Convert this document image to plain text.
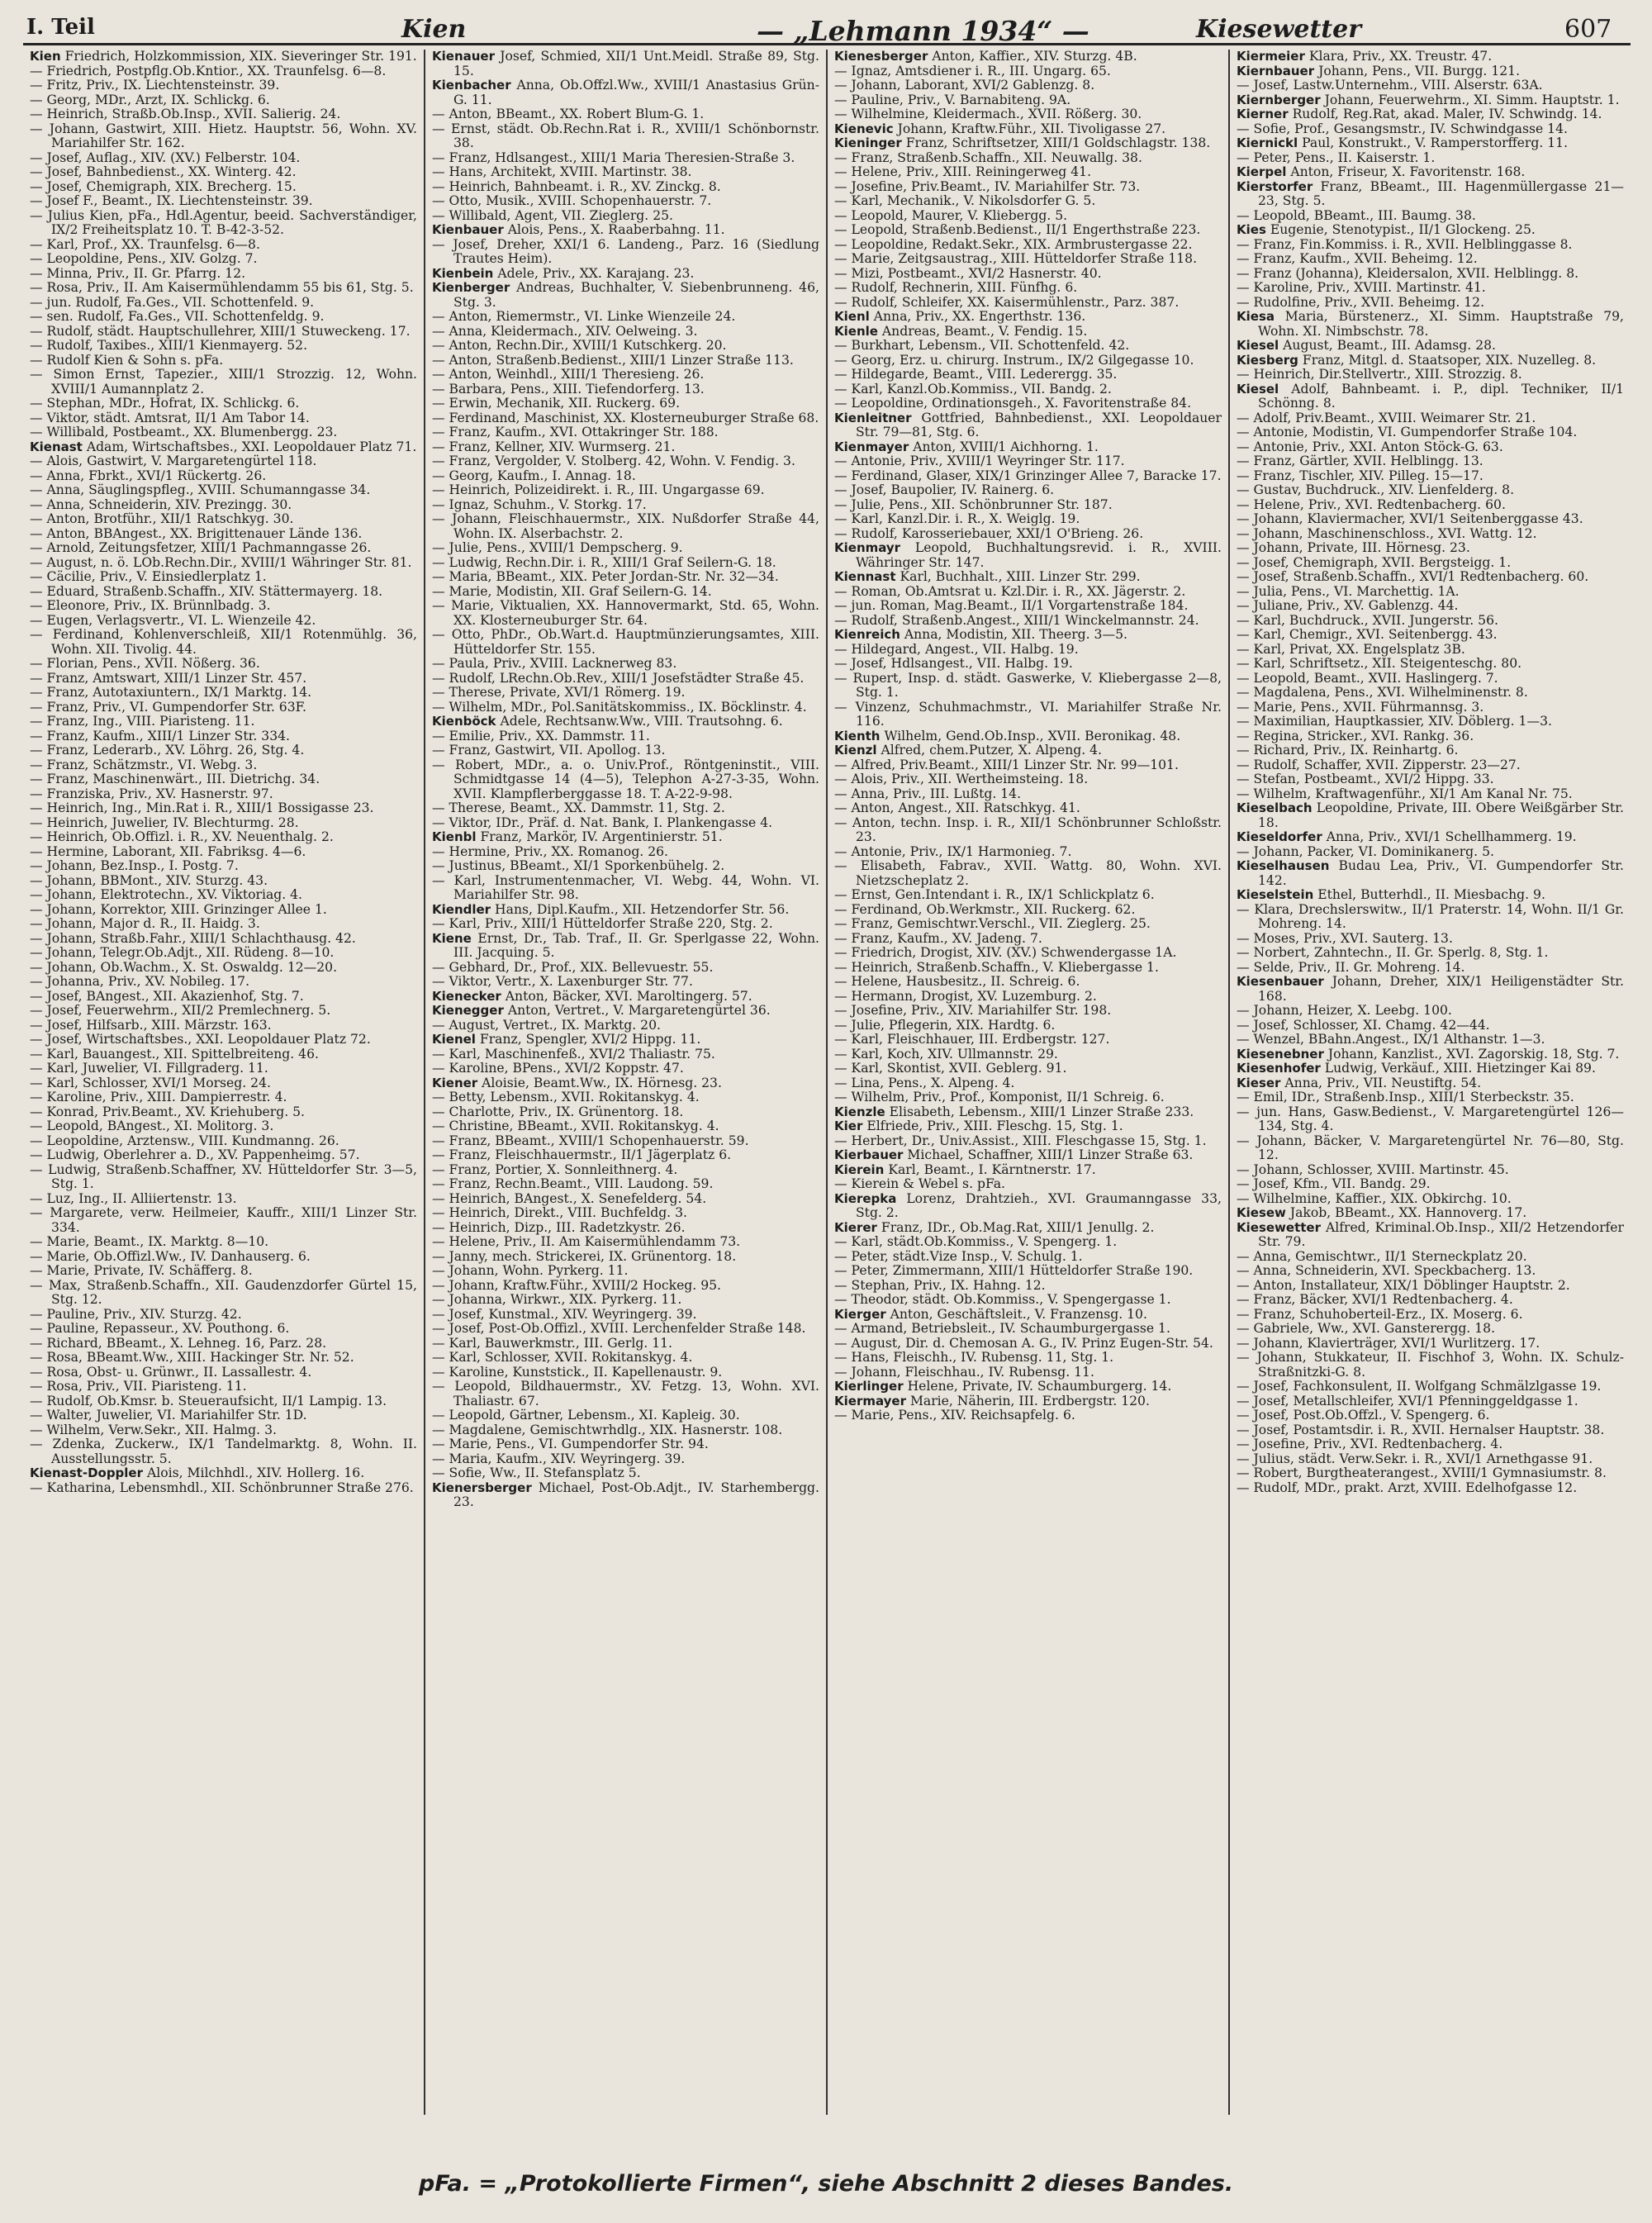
I. Teil	Kien	— „Lehmann 1934“ —	Kiesewetter	607
Kien Friedrich, Holzkommission, XIX. Sieveringer Str. 191.
— Friedrich, Postpflg.Ob.Kntior., XX. Traunfelsg. 6—8.
— Fritz, Priv., IX. Liechtensteinstr. 39.
— Georg, MDr., Arzt, IX. Schlickg. 6.
— Heinrich, Straßb.Ob.Insp., XVII. Salierig. 24.
— Johann, Gastwirt, XIII. Hietz. Hauptstr. 56, Wohn. XV. Mariahilfer Str. 162.
— Josef, Auflag., XIV. (XV.) Felberstr. 104.
— Josef, Bahnbedienst., XX. Winterg. 42.
— Josef, Chemigraph, XIX. Brecherg. 15.
— Josef F., Beamt., IX. Liechtensteinstr. 39.
— Julius Kien, pFa., Hdl.Agentur, beeid. Sachverständiger, IX/2 Freiheitsplatz 10. T. B-42-3-52.
— Karl, Prof., XX. Traunfelsg. 6—8.
— Leopoldine, Pens., XIV. Golzg. 7.
— Minna, Priv., II. Gr. Pfarrg. 12.
— Rosa, Priv., II. Am Kaisermühlendamm 55 bis 61, Stg. 5.
— jun. Rudolf, Fa.Ges., VII. Schottenfeld. 9.
— sen. Rudolf, Fa.Ges., VII. Schottenfeldg. 9.
— Rudolf, städt. Hauptschullehrer, XIII/1 Stuweckeng. 17.
— Rudolf, Taxibes., XIII/1 Kienmayerg. 52.
— Rudolf Kien & Sohn s. pFa.
— Simon Ernst, Tapezier., XIII/1 Strozzig. 12, Wohn. XVIII/1 Aumannplatz 2.
— Stephan, MDr., Hofrat, IX. Schlickg. 6.
— Viktor, städt. Amtsrat, II/1 Am Tabor 14.
— Willibald, Postbeamt., XX. Blumenbergg. 23.
Kienast Adam, Wirtschaftsbes., XXI. Leopoldauer Platz 71.
— Alois, Gastwirt, V. Margaretengürtel 118.
— Anna, Fbrkt., XVI/1 Rückertg. 26.
— Anna, Säuglingspfleg., XVIII. Schumanngasse 34.
— Anna, Schneiderin, XIV. Prezingg. 30.
— Anton, Brotführ., XII/1 Ratschkyg. 30.
— Anton, BBAngest., XX. Brigittenauer Lände 136.
— Arnold, Zeitungsfetzer, XIII/1 Pachmanngasse 26.
— August, n. ö. LOb.Rechn.Dir., XVIII/1 Währinger Str. 81.
— Cäcilie, Priv., V. Einsiedlerplatz 1.
— Eduard, Straßenb.Schaffn., XIV. Stättermayerg. 18.
— Eleonore, Priv., IX. Brünnlbadg. 3.
— Eugen, Verlagsvertr., VI. L. Wienzeile 42.
— Ferdinand, Kohlenverschleiß, XII/1 Rotenmühlg. 36, Wohn. XII. Tivolig. 44.
— Florian, Pens., XVII. Nößerg. 36.
— Franz, Amtswart, XIII/1 Linzer Str. 457.
— Franz, Autotaxiuntern., IX/1 Marktg. 14.
— Franz, Priv., VI. Gumpendorfer Str. 63F.
— Franz, Ing., VIII. Piaristeng. 11.
— Franz, Kaufm., XIII/1 Linzer Str. 334.
— Franz, Lederarb., XV. Löhrg. 26, Stg. 4.
— Franz, Schätzmstr., VI. Webg. 3.
— Franz, Maschinenwärt., III. Dietrichg. 34.
— Franziska, Priv., XV. Hasnerstr. 97.
— Heinrich, Ing., Min.Rat i. R., XIII/1 Bossigasse 23.
— Heinrich, Juwelier, IV. Blechturmg. 28.
— Heinrich, Ob.Offizl. i. R., XV. Neuenthalg. 2.
— Hermine, Laborant, XII. Fabriksg. 4—6.
— Johann, Bez.Insp., I. Postg. 7.
— Johann, BBMont., XIV. Sturzg. 43.
— Johann, Elektrotechn., XV. Viktoriag. 4.
— Johann, Korrektor, XIII. Grinzinger Allee 1.
— Johann, Major d. R., II. Haidg. 3.
— Johann, Straßb.Fahr., XIII/1 Schlachthausg. 42.
— Johann, Telegr.Ob.Adjt., XII. Rüdeng. 8—10.
— Johann, Ob.Wachm., X. St. Oswaldg. 12—20.
— Johanna, Priv., XV. Nobileg. 17.
— Josef, BAngest., XII. Akazienhof, Stg. 7.
— Josef, Feuerwehrm., XII/2 Premlechnerg. 5.
— Josef, Hilfsarb., XIII. Märzstr. 163.
— Josef, Wirtschaftsbes., XXI. Leopoldauer Platz 72.
— Karl, Bauangest., XII. Spittelbreiteng. 46.
— Karl, Juwelier, VI. Fillgraderg. 11.
— Karl, Schlosser, XVI/1 Morseg. 24.
— Karoline, Priv., XIII. Dampierrestr. 4.
— Konrad, Priv.Beamt., XV. Kriehuberg. 5.
— Leopold, BAngest., XI. Molitorg. 3.
— Leopoldine, Arztensw., VIII. Kundmanng. 26.
— Ludwig, Oberlehrer a. D., XV. Pappenheimg. 57.
— Ludwig, Straßenb.Schaffner, XV. Hütteldorfer Str. 3—5, Stg. 1.
— Luz, Ing., II. Alliiertenstr. 13.
— Margarete, verw. Heilmeier, Kauffr., XIII/1 Linzer Str. 334.
— Marie, Beamt., IX. Marktg. 8—10.
— Marie, Ob.Offizl.Ww., IV. Danhauserg. 6.
— Marie, Private, IV. Schäfferg. 8.
— Max, Straßenb.Schaffn., XII. Gaudenzdorfer Gürtel 15, Stg. 12.
— Pauline, Priv., XIV. Sturzg. 42.
— Pauline, Repasseur., XV. Pouthong. 6.
— Richard, BBeamt., X. Lehneg. 16, Parz. 28.
— Rosa, BBeamt.Ww., XIII. Hackinger Str. Nr. 52.
— Rosa, Obst- u. Grünwr., II. Lassallestr. 4.
— Rosa, Priv., VII. Piaristeng. 11.
— Rudolf, Ob.Kmsr. b. Steueraufsicht, II/1 Lampig. 13.
— Walter, Juwelier, VI. Mariahilfer Str. 1D.
— Wilhelm, Verw.Sekr., XII. Halmg. 3.
— Zdenka, Zuckerw., IX/1 Tandelmarktg. 8, Wohn. II. Ausstellungsstr. 5.
Kienast-Doppler Alois, Milchhdl., XIV. Hollerg. 16.
— Katharina, Lebensmhdl., XII. Schönbrunner Straße 276.
Kienauer Josef, Schmied, XII/1 Unt.Meidl. Straße 89, Stg. 15.
Kienbacher Anna, Ob.Offzl.Ww., XVIII/1 Anastasius Grün-G. 11.
— Anton, BBeamt., XX. Robert Blum-G. 1.
— Ernst, städt. Ob.Rechn.Rat i. R., XVIII/1 Schönbornstr. 38.
— Franz, Hdlsangest., XIII/1 Maria Theresien-Straße 3.
— Hans, Architekt, XVIII. Martinstr. 38.
— Heinrich, Bahnbeamt. i. R., XV. Zinckg. 8.
— Otto, Musik., XVIII. Schopenhauerstr. 7.
— Willibald, Agent, VII. Zieglerg. 25.
Kienbauer Alois, Pens., X. Raaberbahng. 11.
— Josef, Dreher, XXI/1 6. Landeng., Parz. 16 (Siedlung Trautes Heim).
Kienbein Adele, Priv., XX. Karajang. 23.
Kienberger Andreas, Buchhalter, V. Siebenbrunneng. 46, Stg. 3.
— Anton, Riemermstr., VI. Linke Wienzeile 24.
— Anna, Kleidermach., XIV. Oelweing. 3.
— Anton, Rechn.Dir., XVIII/1 Kutschkerg. 20.
— Anton, Straßenb.Bedienst., XIII/1 Linzer Straße 113.
— Anton, Weinhdl., XIII/1 Theresieng. 26.
— Barbara, Pens., XIII. Tiefendorferg. 13.
— Erwin, Mechanik, XII. Ruckerg. 69.
— Ferdinand, Maschinist, XX. Klosterneuburger Straße 68.
— Franz, Kaufm., XVI. Ottakringer Str. 188.
— Franz, Kellner, XIV. Wurmserg. 21.
— Franz, Vergolder, V. Stolberg. 42, Wohn. V. Fendig. 3.
— Georg, Kaufm., I. Annag. 18.
— Heinrich, Polizeidirekt. i. R., III. Ungargasse 69.
— Ignaz, Schuhm., V. Storkg. 17.
— Johann, Fleischhauermstr., XIX. Nußdorfer Straße 44, Wohn. IX. Alserbachstr. 2.
— Julie, Pens., XVIII/1 Dempscherg. 9.
— Ludwig, Rechn.Dir. i. R., XIII/1 Graf Seilern-G. 18.
— Maria, BBeamt., XIX. Peter Jordan-Str. Nr. 32—34.
— Marie, Modistin, XII. Graf Seilern-G. 14.
— Marie, Viktualien, XX. Hannovermarkt, Std. 65, Wohn. XX. Klosterneuburger Str. 64.
— Otto, PhDr., Ob.Wart.d. Hauptmünzierungsamtes, XIII. Hütteldorfer Str. 155.
— Paula, Priv., XVIII. Lacknerweg 83.
— Rudolf, LRechn.Ob.Rev., XIII/1 Josefstädter Straße 45.
— Therese, Private, XVI/1 Römerg. 19.
— Wilhelm, MDr., Pol.Sanitätskommiss., IX. Böcklinstr. 4.
Kienböck Adele, Rechtsanw.Ww., VIII. Trautsohng. 6.
— Emilie, Priv., XX. Dammstr. 11.
— Franz, Gastwirt, VII. Apollog. 13.
— Robert, MDr., a. o. Univ.Prof., Röntgeninstit., VIII. Schmidtgasse 14 (4—5), Telephon A-27-3-35, Wohn. XVII. Klampflerberggasse 18. T. A-22-9-98.
— Therese, Beamt., XX. Dammstr. 11, Stg. 2.
— Viktor, IDr., Präf. d. Nat. Bank, I. Plankengasse 4.
Kienbl Franz, Markör, IV. Argentinierstr. 51.
— Hermine, Priv., XX. Romanog. 26.
— Justinus, BBeamt., XI/1 Sporkenbühelg. 2.
— Karl, Instrumentenmacher, VI. Webg. 44, Wohn. VI. Mariahilfer Str. 98.
Kiendler Hans, Dipl.Kaufm., XII. Hetzendorfer Str. 56.
— Karl, Priv., XIII/1 Hütteldorfer Straße 220, Stg. 2.
Kiene Ernst, Dr., Tab. Traf., II. Gr. Sperlgasse 22, Wohn. III. Jacquing. 5.
— Gebhard, Dr., Prof., XIX. Bellevuestr. 55.
— Viktor, Vertr., X. Laxenburger Str. 77.
Kienecker Anton, Bäcker, XVI. Maroltingerg. 57.
Kienegger Anton, Vertret., V. Margaretengürtel 36.
— August, Vertret., IX. Marktg. 20.
Kienel Franz, Spengler, XVI/2 Hippg. 11.
— Karl, Maschinenfeß., XVI/2 Thaliastr. 75.
— Karoline, BPens., XVI/2 Koppstr. 47.
Kiener Aloisie, Beamt.Ww., IX. Hörnesg. 23.
— Betty, Lebensm., XVII. Rokitanskyg. 4.
— Charlotte, Priv., IX. Grünentorg. 18.
— Christine, BBeamt., XVII. Rokitanskyg. 4.
— Franz, BBeamt., XVIII/1 Schopenhauerstr. 59.
— Franz, Fleischhauermstr., II/1 Jägerplatz 6.
— Franz, Portier, X. Sonnleithnerg. 4.
— Franz, Rechn.Beamt., VIII. Laudong. 59.
— Heinrich, BAngest., X. Senefelderg. 54.
— Heinrich, Direkt., VIII. Buchfeldg. 3.
— Heinrich, Dizp., III. Radetzkystr. 26.
— Helene, Priv., II. Am Kaisermühlendamm 73.
— Janny, mech. Strickerei, IX. Grünentorg. 18.
— Johann, Wohn. Pyrkerg. 11.
— Johann, Kraftw.Führ., XVIII/2 Hockeg. 95.
— Johanna, Wirkwr., XIX. Pyrkerg. 11.
— Josef, Kunstmal., XIV. Weyringerg. 39.
— Josef, Post-Ob.Offizl., XVIII. Lerchenfelder Straße 148.
— Karl, Bauwerkmstr., III. Gerlg. 11.
— Karl, Schlosser, XVII. Rokitanskyg. 4.
— Karoline, Kunststick., II. Kapellenaustr. 9.
— Leopold, Bildhauermstr., XV. Fetzg. 13, Wohn. XVI. Thaliastr. 67.
— Leopold, Gärtner, Lebensm., XI. Kapleig. 30.
— Magdalene, Gemischtwrhdlg., XIX. Hasnerstr. 108.
— Marie, Pens., VI. Gumpendorfer Str. 94.
— Maria, Kaufm., XIV. Weyringerg. 39.
— Sofie, Ww., II. Stefansplatz 5.
Kienersberger Michael, Post-Ob.Adjt., IV. Starhembergg. 23.
Kienesberger Anton, Kaffier., XIV. Sturzg. 4B.
— Ignaz, Amtsdiener i. R., III. Ungarg. 65.
— Johann, Laborant, XVI/2 Gablenzg. 8.
— Pauline, Priv., V. Barnabiteng. 9A.
— Wilhelmine, Kleidermach., XVII. Rößerg. 30.
Kienevic Johann, Kraftw.Führ., XII. Tivoligasse 27.
Kieninger Franz, Schriftsetzer, XIII/1 Goldschlagstr. 138.
— Franz, Straßenb.Schaffn., XII. Neuwallg. 38.
— Helene, Priv., XIII. Reiningerweg 41.
— Josefine, Priv.Beamt., IV. Mariahilfer Str. 73.
— Karl, Mechanik., V. Nikolsdorfer G. 5.
— Leopold, Maurer, V. Kliebergg. 5.
— Leopold, Straßenb.Bedienst., II/1 Engerthstraße 223.
— Leopoldine, Redakt.Sekr., XIX. Armbrustergasse 22.
— Marie, Zeitgsaustrag., XIII. Hütteldorfer Straße 118.
— Mizi, Postbeamt., XVI/2 Hasnerstr. 40.
— Rudolf, Rechnerin, XIII. Fünfhg. 6.
— Rudolf, Schleifer, XX. Kaisermühlenstr., Parz. 387.
Kienl Anna, Priv., XX. Engerthstr. 136.
Kienle Andreas, Beamt., V. Fendig. 15.
— Burkhart, Lebensm., VII. Schottenfeld. 42.
— Georg, Erz. u. chirurg. Instrum., IX/2 Gilgegasse 10.
— Hildegarde, Beamt., VIII. Lederergg. 35.
— Karl, Kanzl.Ob.Kommiss., VII. Bandg. 2.
— Leopoldine, Ordinationsgeh., X. Favoritenstraße 84.
Kienleitner Gottfried, Bahnbedienst., XXI. Leopoldauer Str. 79—81, Stg. 6.
Kienmayer Anton, XVIII/1 Aichhorng. 1.
— Antonie, Priv., XVIII/1 Weyringer Str. 117.
— Ferdinand, Glaser, XIX/1 Grinzinger Allee 7, Baracke 17.
— Josef, Baupolier, IV. Rainerg. 6.
— Julie, Pens., XII. Schönbrunner Str. 187.
— Karl, Kanzl.Dir. i. R., X. Weiglg. 19.
— Rudolf, Karosseriebauer, XXI/1 O'Brieng. 26.
Kienmayr Leopold, Buchhaltungsrevid. i. R., XVIII. Währinger Str. 147.
Kiennast Karl, Buchhalt., XIII. Linzer Str. 299.
— Roman, Ob.Amtsrat u. Kzl.Dir. i. R., XX. Jägerstr. 2.
— jun. Roman, Mag.Beamt., II/1 Vorgartenstraße 184.
— Rudolf, Straßenb.Angest., XIII/1 Winckelmannstr. 24.
Kienreich Anna, Modistin, XII. Theerg. 3—5.
— Hildegard, Angest., VII. Halbg. 19.
— Josef, Hdlsangest., VII. Halbg. 19.
— Rupert, Insp. d. städt. Gaswerke, V. Kliebergasse 2—8, Stg. 1.
— Vinzenz, Schuhmachmstr., VI. Mariahilfer Straße Nr. 116.
Kienth Wilhelm, Gend.Ob.Insp., XVII. Beronikag. 48.
Kienzl Alfred, chem.Putzer, X. Alpeng. 4.
— Alfred, Priv.Beamt., XIII/1 Linzer Str. Nr. 99—101.
— Alois, Priv., XII. Wertheimsteing. 18.
— Anna, Priv., III. Lußtg. 14.
— Anton, Angest., XII. Ratschkyg. 41.
— Anton, techn. Insp. i. R., XII/1 Schönbrunner Schloßstr. 23.
— Antonie, Priv., IX/1 Harmonieg. 7.
— Elisabeth, Fabrav., XVII. Wattg. 80, Wohn. XVI. Nietzscheplatz 2.
— Ernst, Gen.Intendant i. R., IX/1 Schlickplatz 6.
— Ferdinand, Ob.Werkmstr., XII. Ruckerg. 62.
— Franz, Gemischtwr.Verschl., VII. Zieglerg. 25.
— Franz, Kaufm., XV. Jadeng. 7.
— Friedrich, Drogist, XIV. (XV.) Schwendergasse 1A.
— Heinrich, Straßenb.Schaffn., V. Kliebergasse 1.
— Helene, Hausbesitz., II. Schreig. 6.
— Hermann, Drogist, XV. Luzemburg. 2.
— Josefine, Priv., XIV. Mariahilfer Str. 198.
— Julie, Pflegerin, XIX. Hardtg. 6.
— Karl, Fleischhauer, III. Erdbergstr. 127.
— Karl, Koch, XIV. Ullmannstr. 29.
— Karl, Skontist, XVII. Geblerg. 91.
— Lina, Pens., X. Alpeng. 4.
— Wilhelm, Priv., Prof., Komponist, II/1 Schreig. 6.
Kienzle Elisabeth, Lebensm., XIII/1 Linzer Straße 233.
Kier Elfriede, Priv., XIII. Fleschg. 15, Stg. 1.
— Herbert, Dr., Univ.Assist., XIII. Fleschgasse 15, Stg. 1.
Kierbauer Michael, Schaffner, XIII/1 Linzer Straße 63.
Kierein Karl, Beamt., I. Kärntnerstr. 17.
— Kierein & Webel s. pFa.
Kierepka Lorenz, Drahtzieh., XVI. Graumanngasse 33, Stg. 2.
Kierer Franz, IDr., Ob.Mag.Rat, XIII/1 Jenullg. 2.
— Karl, städt.Ob.Kommiss., V. Spengerg. 1.
— Peter, städt.Vize Insp., V. Schulg. 1.
— Peter, Zimmermann, XIII/1 Hütteldorfer Straße 190.
— Stephan, Priv., IX. Hahng. 12.
— Theodor, städt. Ob.Kommiss., V. Spengergasse 1.
Kierger Anton, Geschäftsleit., V. Franzensg. 10.
— Armand, Betriebsleit., IV. Schaumburgergasse 1.
— August, Dir. d. Chemosan A. G., IV. Prinz Eugen-Str. 54.
— Hans, Fleischh., IV. Rubensg. 11, Stg. 1.
— Johann, Fleischhau., IV. Rubensg. 11.
Kierlinger Helene, Private, IV. Schaumburgerg. 14.
Kiermayer Marie, Näherin, III. Erdbergstr. 120.
— Marie, Pens., XIV. Reichsapfelg. 6.
Kiermeier Klara, Priv., XX. Treustr. 47.
Kiernbauer Johann, Pens., VII. Burgg. 121.
— Josef, Lastw.Unternehm., VIII. Alserstr. 63A.
Kiernberger Johann, Feuerwehrm., XI. Simm. Hauptstr. 1.
Kierner Rudolf, Reg.Rat, akad. Maler, IV. Schwindg. 14.
— Sofie, Prof., Gesangsmstr., IV. Schwindgasse 14.
Kiernickl Paul, Konstrukt., V. Ramperstorfferg. 11.
— Peter, Pens., II. Kaiserstr. 1.
Kierpel Anton, Friseur, X. Favoritenstr. 168.
Kierstorfer Franz, BBeamt., III. Hagenmüllergasse 21—23, Stg. 5.
— Leopold, BBeamt., III. Baumg. 38.
Kies Eugenie, Stenotypist., II/1 Glockeng. 25.
— Franz, Fin.Kommiss. i. R., XVII. Helblinggasse 8.
— Franz, Kaufm., XVII. Beheimg. 12.
— Franz (Johanna), Kleidersalon, XVII. Helblingg. 8.
— Karoline, Priv., XVIII. Martinstr. 41.
— Rudolfine, Priv., XVII. Beheimg. 12.
Kiesa Maria, Bürstenerz., XI. Simm. Hauptstraße 79, Wohn. XI. Nimbschstr. 78.
Kiesel August, Beamt., III. Adamsg. 28.
Kiesberg Franz, Mitgl. d. Staatsoper, XIX. Nuzelleg. 8.
— Heinrich, Dir.Stellvertr., XIII. Strozzig. 8.
Kiesel Adolf, Bahnbeamt. i. P., dipl. Techniker, II/1 Schönng. 8.
— Adolf, Priv.Beamt., XVIII. Weimarer Str. 21.
— Antonie, Modistin, VI. Gumpendorfer Straße 104.
— Antonie, Priv., XXI. Anton Stöck-G. 63.
— Franz, Gärtler, XVII. Helblingg. 13.
— Franz, Tischler, XIV. Pilleg. 15—17.
— Gustav, Buchdruck., XIV. Lienfelderg. 8.
— Helene, Priv., XVI. Redtenbacherg. 60.
— Johann, Klaviermacher, XVI/1 Seitenberggasse 43.
— Johann, Maschinenschloss., XVI. Wattg. 12.
— Johann, Private, III. Hörnesg. 23.
— Josef, Chemigraph, XVII. Bergsteigg. 1.
— Josef, Straßenb.Schaffn., XVI/1 Redtenbacherg. 60.
— Julia, Pens., VI. Marchettig. 1A.
— Juliane, Priv., XV. Gablenzg. 44.
— Karl, Buchdruck., XVII. Jungerstr. 56.
— Karl, Chemigr., XVI. Seitenbergg. 43.
— Karl, Privat, XX. Engelsplatz 3B.
— Karl, Schriftsetz., XII. Steigenteschg. 80.
— Leopold, Beamt., XVII. Haslingerg. 7.
— Magdalena, Pens., XVI. Wilhelminenstr. 8.
— Marie, Pens., XVII. Führmannsg. 3.
— Maximilian, Hauptkassier, XIV. Döblerg. 1—3.
— Regina, Stricker., XVI. Rankg. 36.
— Richard, Priv., IX. Reinhartg. 6.
— Rudolf, Schaffer, XVII. Zipperstr. 23—27.
— Stefan, Postbeamt., XVI/2 Hippg. 33.
— Wilhelm, Kraftwagenführ., XI/1 Am Kanal Nr. 75.
Kieselbach Leopoldine, Private, III. Obere Weißgärber Str. 18.
Kieseldorfer Anna, Priv., XVI/1 Schellhammerg. 19.
— Johann, Packer, VI. Dominikanerg. 5.
Kieselhausen Budau Lea, Priv., VI. Gumpendorfer Str. 142.
Kieselstein Ethel, Butterhdl., II. Miesbachg. 9.
— Klara, Drechslerswitw., II/1 Praterstr. 14, Wohn. II/1 Gr. Mohreng. 14.
— Moses, Priv., XVI. Sauterg. 13.
— Norbert, Zahntechn., II. Gr. Sperlg. 8, Stg. 1.
— Selde, Priv., II. Gr. Mohreng. 14.
Kiesenbauer Johann, Dreher, XIX/1 Heiligenstädter Str. 168.
— Johann, Heizer, X. Leebg. 100.
— Josef, Schlosser, XI. Chamg. 42—44.
— Wenzel, BBahn.Angest., IX/1 Althanstr. 1—3.
Kiesenebner Johann, Kanzlist., XVI. Zagorskig. 18, Stg. 7.
Kiesenhofer Ludwig, Verkäuf., XIII. Hietzinger Kai 89.
Kieser Anna, Priv., VII. Neustiftg. 54.
— Emil, IDr., Straßenb.Insp., XIII/1 Sterbeckstr. 35.
— jun. Hans, Gasw.Bedienst., V. Margaretengürtel 126—134, Stg. 4.
— Johann, Bäcker, V. Margaretengürtel Nr. 76—80, Stg. 12.
— Johann, Schlosser, XVIII. Martinstr. 45.
— Josef, Kfm., VII. Bandg. 29.
— Wilhelmine, Kaffier., XIX. Obkirchg. 10.
Kiesew Jakob, BBeamt., XX. Hannoverg. 17.
Kiesewetter Alfred, Kriminal.Ob.Insp., XII/2 Hetzendorfer Str. 79.
— Anna, Gemischtwr., II/1 Sterneckplatz 20.
— Anna, Schneiderin, XVI. Speckbacherg. 13.
— Anton, Installateur, XIX/1 Döblinger Hauptstr. 2.
— Franz, Bäcker, XVI/1 Redtenbacherg. 4.
— Franz, Schuhoberteil-Erz., IX. Moserg. 6.
— Gabriele, Ww., XVI. Gansterergg. 18.
— Johann, Klavierträger, XVI/1 Wurlitzerg. 17.
— Johann, Stukkateur, II. Fischhof 3, Wohn. IX. Schulz-Straßnitzki-G. 8.
— Josef, Fachkonsulent, II. Wolfgang Schmälzlgasse 19.
— Josef, Metallschleifer, XVI/1 Pfenninggeldgasse 1.
— Josef, Post.Ob.Offzl., V. Spengerg. 6.
— Josef, Postamtsdir. i. R., XVII. Hernalser Hauptstr. 38.
— Josefine, Priv., XVI. Redtenbacherg. 4.
— Julius, städt. Verw.Sekr. i. R., XVI/1 Arnethgasse 91.
— Robert, Burgtheaterangest., XVIII/1 Gymnasiumstr. 8.
— Rudolf, MDr., prakt. Arzt, XVIII. Edelhofgasse 12.
pFa. = „Protokollierte Firmen“, siehe Abschnitt 2 dieses Bandes.
